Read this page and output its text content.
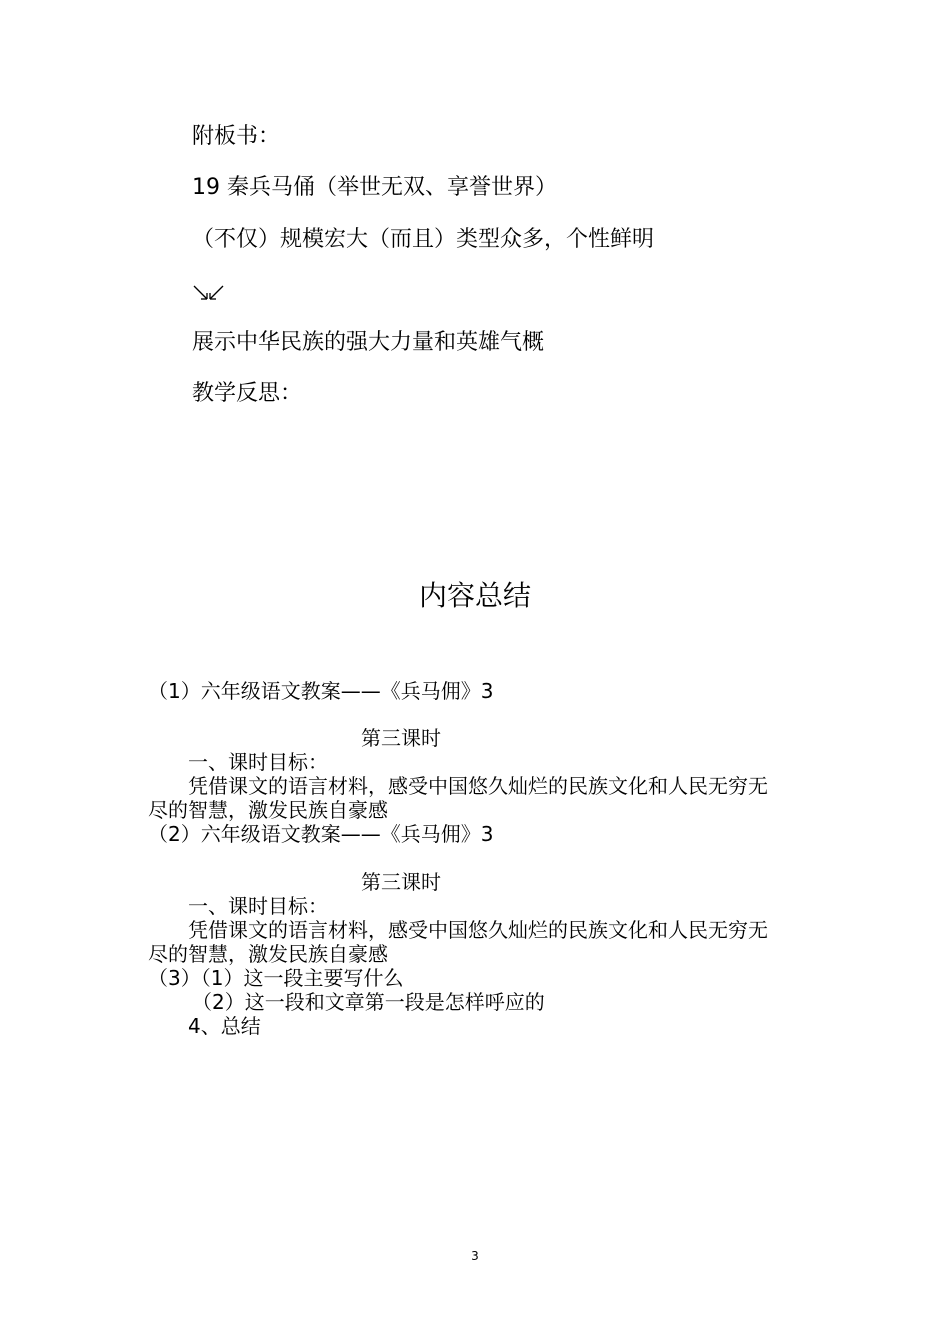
附板书：
19 秦兵马俑（举世无双、享誉世界）
（不仅）规模宏大（而且）类型众多，个性鲜明
展示中华民族的强大力量和英雄气概
教学反思：
内容总结
（1）六年级语文教案——《兵马佣》3
第三课时
一、课时目标：
凭借课文的语言材料，感受中国悠久灿烂的民族文化和人民无穷无
尽的智慧，激发民族自豪感
（2）六年级语文教案——《兵马佣》3
第三课时
一、课时目标：
凭借课文的语言材料，感受中国悠久灿烂的民族文化和人民无穷无
尽的智慧，激发民族自豪感
（3）（1）这一段主要写什么
（2）这一段和文章第一段是怎样呼应的
4、总结
3
